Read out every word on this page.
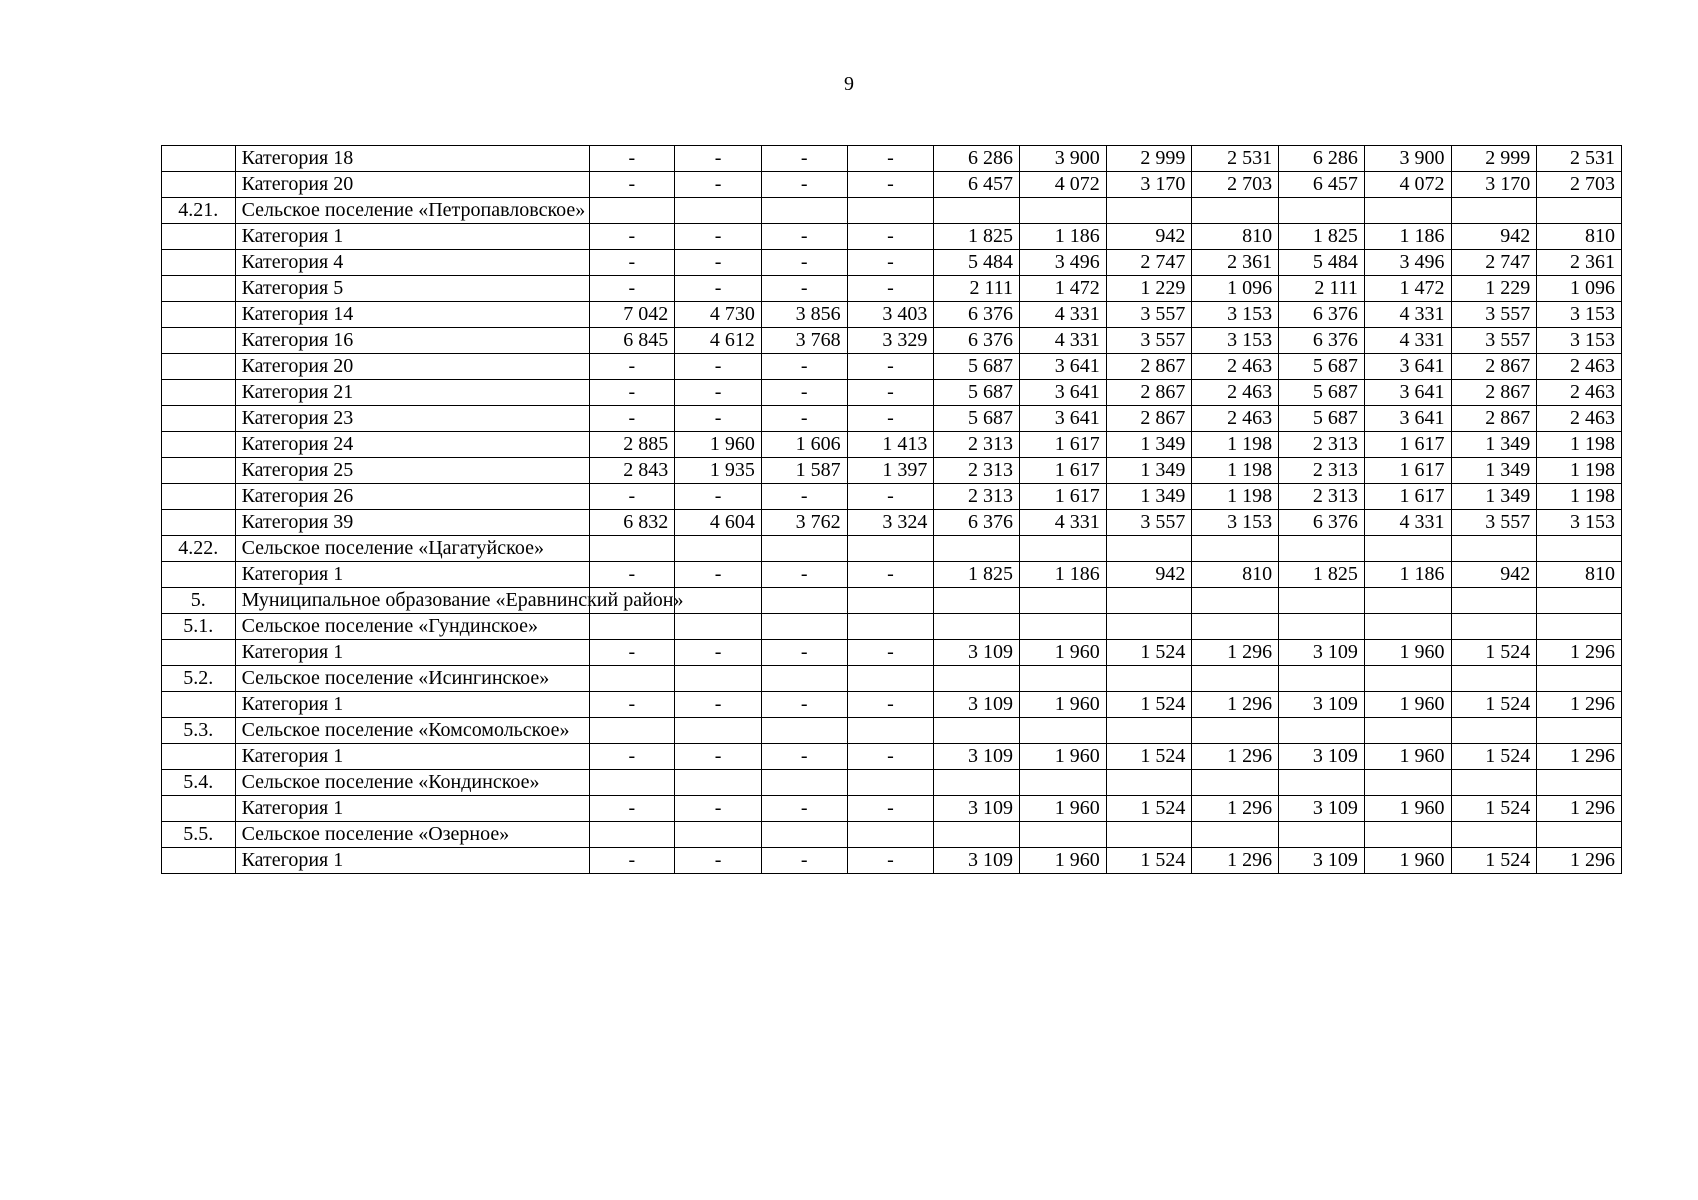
9
	Категория 18	-	-	-	-	6 286	3 900	2 999	2 531	6 286	3 900	2 999	2 531
	Категория 20	-	-	-	-	6 457	4 072	3 170	2 703	6 457	4 072	3 170	2 703
4.21.	Сельское поселение «Петропавловское»												
	Категория 1	-	-	-	-	1 825	1 186	942	810	1 825	1 186	942	810
	Категория 4	-	-	-	-	5 484	3 496	2 747	2 361	5 484	3 496	2 747	2 361
	Категория 5	-	-	-	-	2 111	1 472	1 229	1 096	2 111	1 472	1 229	1 096
	Категория 14	7 042	4 730	3 856	3 403	6 376	4 331	3 557	3 153	6 376	4 331	3 557	3 153
	Категория 16	6 845	4 612	3 768	3 329	6 376	4 331	3 557	3 153	6 376	4 331	3 557	3 153
	Категория 20	-	-	-	-	5 687	3 641	2 867	2 463	5 687	3 641	2 867	2 463
	Категория 21	-	-	-	-	5 687	3 641	2 867	2 463	5 687	3 641	2 867	2 463
	Категория 23	-	-	-	-	5 687	3 641	2 867	2 463	5 687	3 641	2 867	2 463
	Категория 24	2 885	1 960	1 606	1 413	2 313	1 617	1 349	1 198	2 313	1 617	1 349	1 198
	Категория 25	2 843	1 935	1 587	1 397	2 313	1 617	1 349	1 198	2 313	1 617	1 349	1 198
	Категория 26	-	-	-	-	2 313	1 617	1 349	1 198	2 313	1 617	1 349	1 198
	Категория 39	6 832	4 604	3 762	3 324	6 376	4 331	3 557	3 153	6 376	4 331	3 557	3 153
4.22.	Сельское поселение «Цагатуйское»												
	Категория 1	-	-	-	-	1 825	1 186	942	810	1 825	1 186	942	810
5.	Муниципальное образование «Еравнинский район»												
5.1.	Сельское поселение «Гундинское»												
	Категория 1	-	-	-	-	3 109	1 960	1 524	1 296	3 109	1 960	1 524	1 296
5.2.	Сельское поселение «Исингинское»												
	Категория 1	-	-	-	-	3 109	1 960	1 524	1 296	3 109	1 960	1 524	1 296
5.3.	Сельское поселение «Комсомольское»												
	Категория 1	-	-	-	-	3 109	1 960	1 524	1 296	3 109	1 960	1 524	1 296
5.4.	Сельское поселение «Кондинское»												
	Категория 1	-	-	-	-	3 109	1 960	1 524	1 296	3 109	1 960	1 524	1 296
5.5.	Сельское поселение «Озерное»												
	Категория 1	-	-	-	-	3 109	1 960	1 524	1 296	3 109	1 960	1 524	1 296
